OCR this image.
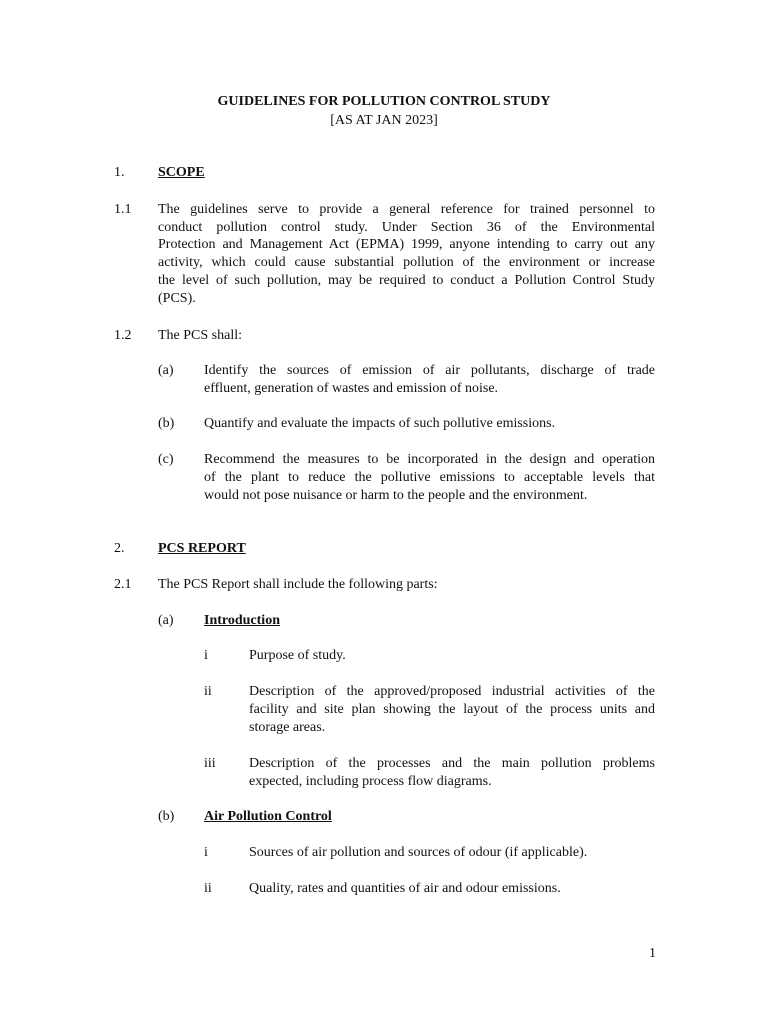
GUIDELINES FOR POLLUTION CONTROL STUDY
[AS AT JAN 2023]
1. SCOPE
1.1 The guidelines serve to provide a general reference for trained personnel to
conduct pollution control study. Under Section 36 of the Environmental
Protection and Management Act (EPMA) 1999, anyone intending to carry out any
activity, which could cause substantial pollution of the environment or increase
the level of such pollution, may be required to conduct a Pollution Control Study
(PCS).
1.2 The PCS shall:
(a) Identify the sources of emission of air pollutants, discharge of trade
effluent, generation of wastes and emission of noise.
(b) Quantify and evaluate the impacts of such pollutive emissions.
(c) Recommend the measures to be incorporated in the design and operation
of the plant to reduce the pollutive emissions to acceptable levels that
would not pose nuisance or harm to the people and the environment.
2. PCS REPORT
2.1 The PCS Report shall include the following parts:
(a) Introduction
i	Purpose of study.
ii	Description of the approved/proposed industrial activities of the
facility and site plan showing the layout of the process units and
storage areas.
iii Description of the processes and the main pollution problems
expected, including process flow diagrams.
(b) Air Pollution Control
i	Sources of air pollution and sources of odour (if applicable).
ii	Quality, rates and quantities of air and odour emissions.
1
